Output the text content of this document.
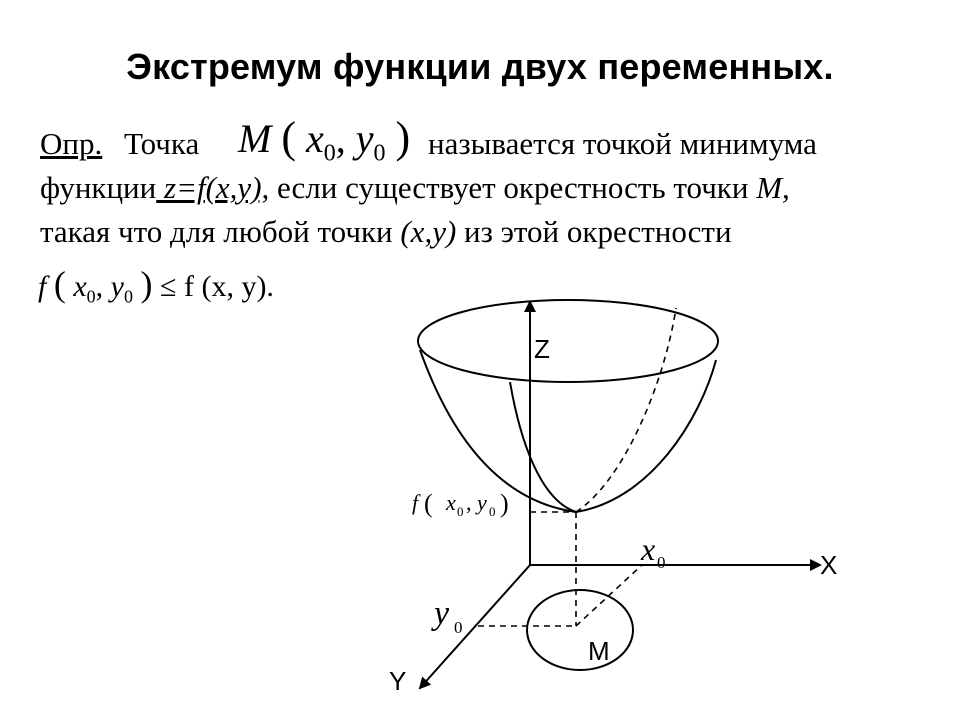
Экстремум функции двух переменных.
Опр. Точка M ( $x_0$, $y_0$ ) называется точкой минимума
функции z=f(x,y), если существует окрестность точки M,
такая что для любой точки (x,y) из этой окрестности
f ( $x_0$, $y_0$ ) ≤ f (x, y).
Z
X
Y
M
f ( x 0 , y 0 )
x 0
y 0
